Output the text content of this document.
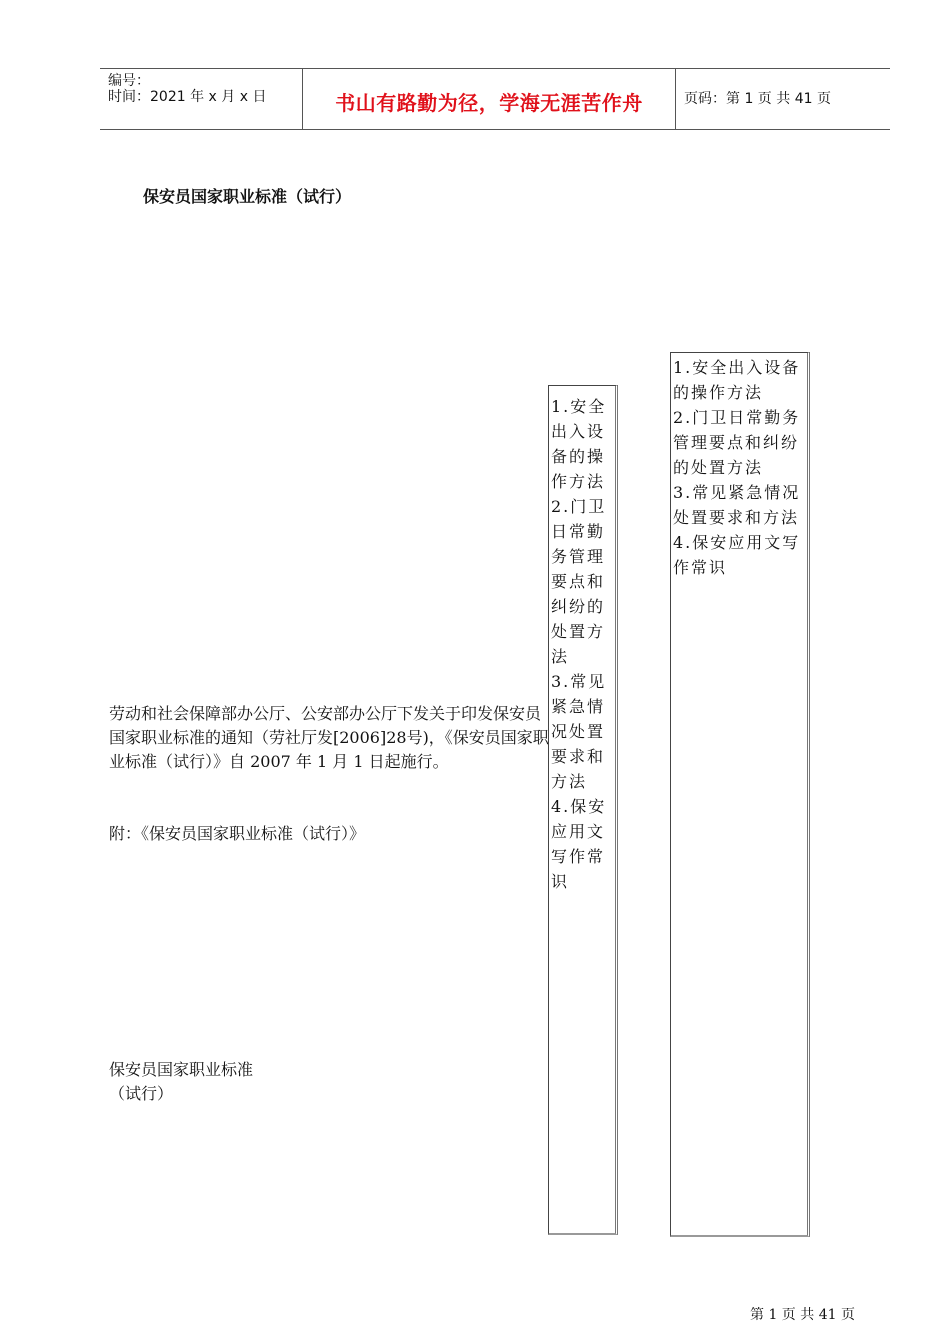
编号：
时间：2021 年 x 月 x 日	书山有路勤为径，学海无涯苦作舟	页码：第 1 页 共 41 页
保安员国家职业标准（试行）
1.安全出入设备的操作方法
2.门卫日常勤务管理要点和纠纷的处置方法
3.常见紧急情况处置要求和方法
4.保安应用文写作常识
1.安全出入设备的操作方法
2.门卫日常勤务管理要点和纠纷的处置方法
3.常见紧急情况处置要求和方法
4.保安应用文写作常识

劳动和社会保障部办公厅、公安部办公厅下发关于印发保安员国家职业标准的通知（劳社厅发[2006]28号)，《保安员国家职业标准（试行）》自 2007 年 1 月 1 日起施行。

附：《保安员国家职业标准（试行）》
保安员国家职业标准
（试行）
第 1 页 共 41 页
